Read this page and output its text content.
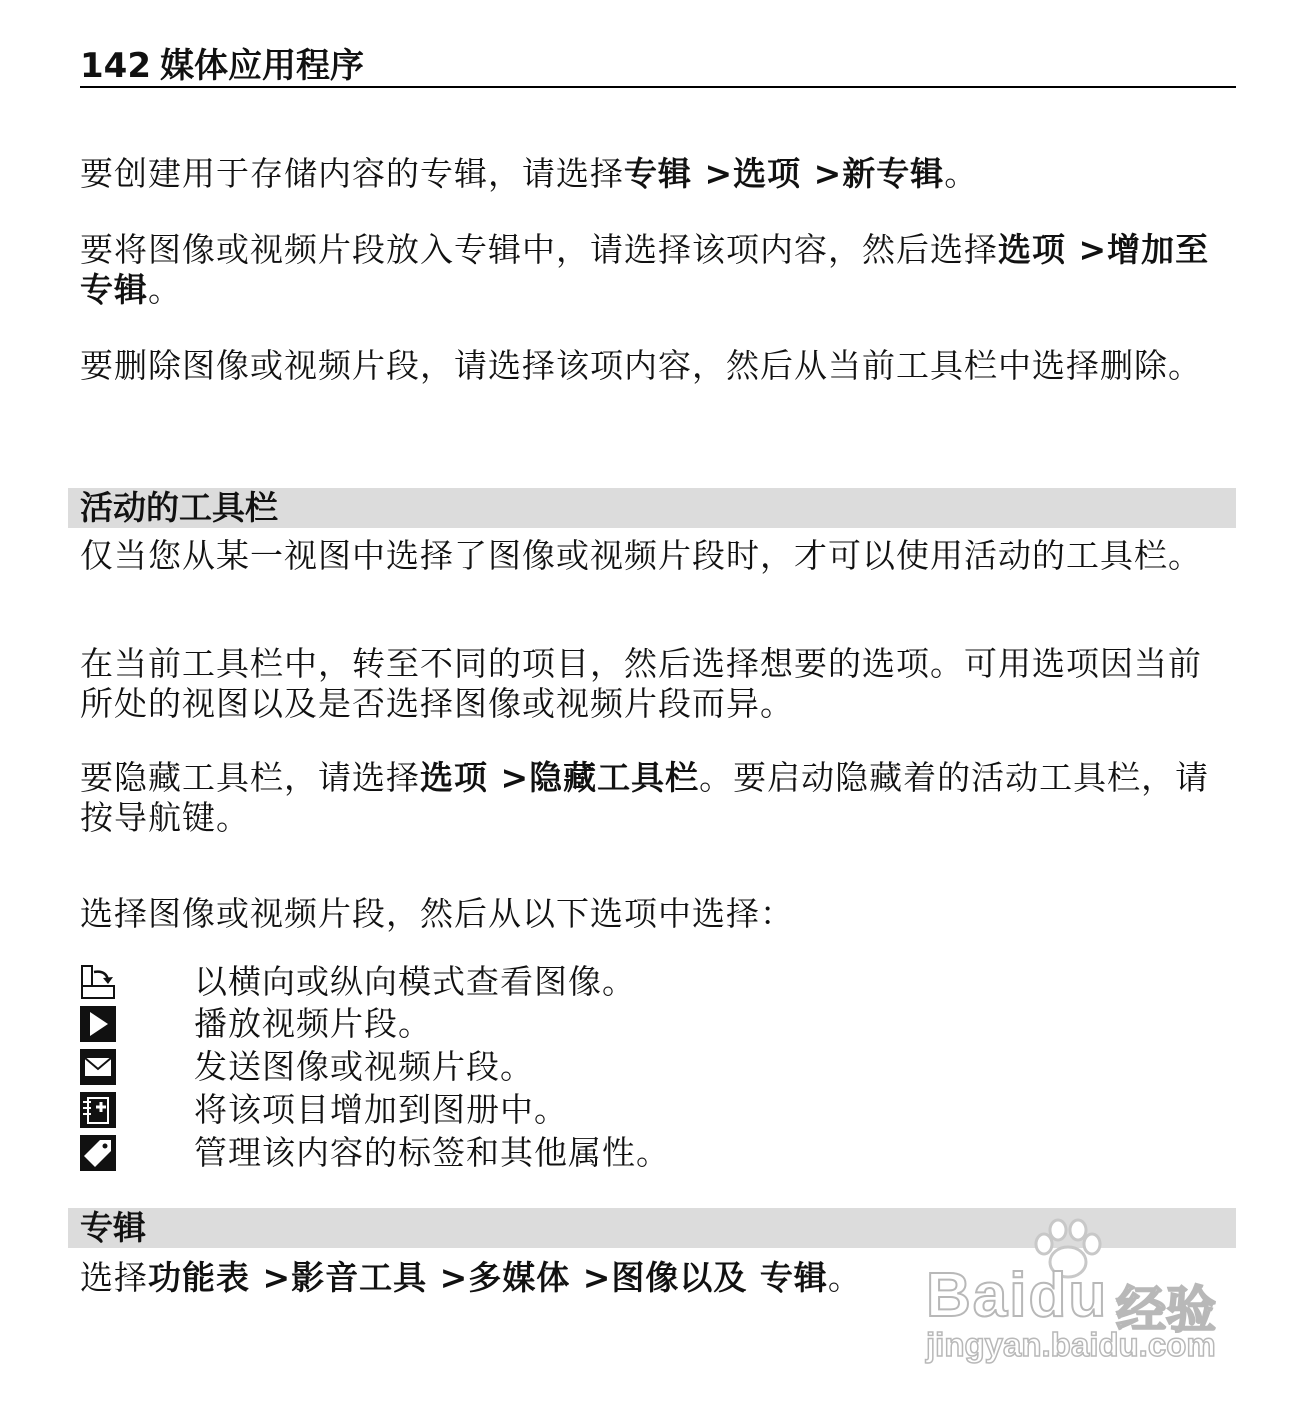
142 媒体应用程序
要创建用于存储内容的专辑，请选择专辑 >选项 >新专辑。
要将图像或视频片段放入专辑中，请选择该项内容，然后选择选项 >增加至专辑。
要删除图像或视频片段，请选择该项内容，然后从当前工具栏中选择删除。
活动的工具栏
仅当您从某一视图中选择了图像或视频片段时，才可以使用活动的工具栏。
在当前工具栏中，转至不同的项目，然后选择想要的选项。可用选项因当前所处的视图以及是否选择图像或视频片段而异。
要隐藏工具栏，请选择选项 >隐藏工具栏。要启动隐藏着的活动工具栏，请按导航键。
选择图像或视频片段，然后从以下选项中选择：
以横向或纵向模式查看图像。
播放视频片段。
发送图像或视频片段。
将该项目增加到图册中。
管理该内容的标签和其他属性。
专辑
选择功能表 >影音工具 >多媒体 >图像以及 专辑。	Baidu 经验
jingyan.baidu.com
